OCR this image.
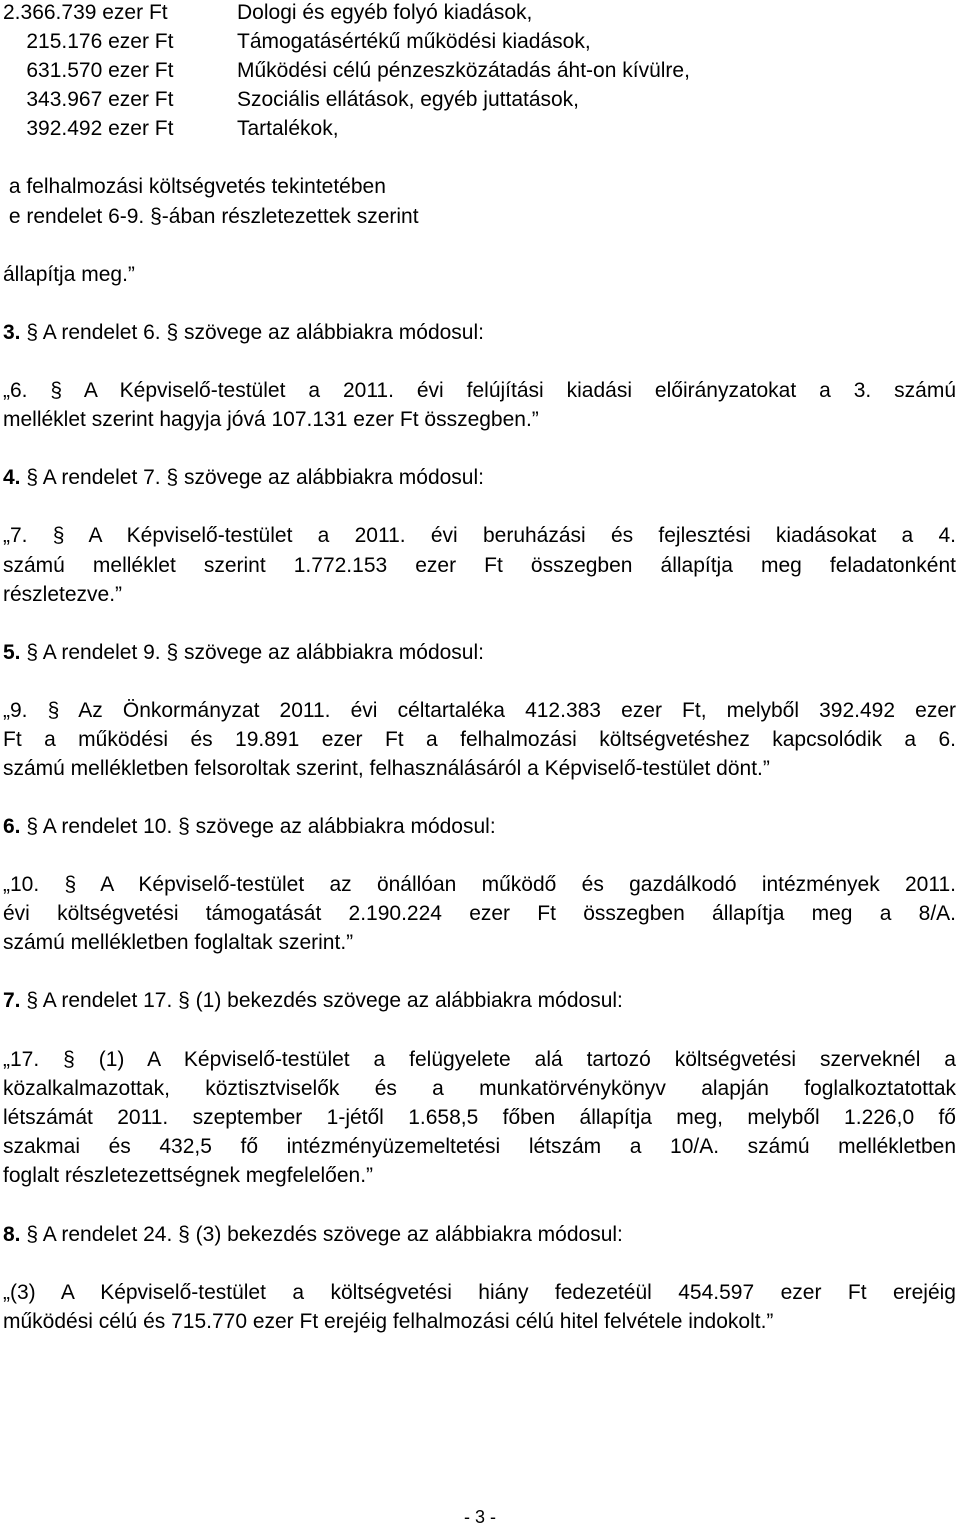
2.366.739 ezer Ft	Dologi és egyéb folyó kiadások,
215.176 ezer Ft	Támogatásértékű működési kiadások,
631.570 ezer Ft	Működési célú pénzeszközátadás áht-on kívülre,
343.967 ezer Ft	Szociális ellátások, egyéb juttatások,
392.492 ezer Ft	Tartalékok,
a felhalmozási költségvetés tekintetében
e rendelet 6-9. §-ában részletezettek szerint
állapítja meg.”
3. § A rendelet 6. § szövege az alábbiakra módosul:
„6. § A Képviselő-testület a 2011. évi felújítási kiadási előirányzatokat a 3. számú
melléklet szerint hagyja jóvá 107.131 ezer Ft összegben.”
4. § A rendelet 7. § szövege az alábbiakra módosul:
„7. § A Képviselő-testület a 2011. évi beruházási és fejlesztési kiadásokat a 4.
számú melléklet szerint 1.772.153 ezer Ft összegben állapítja meg feladatonként
részletezve.”
5. § A rendelet 9. § szövege az alábbiakra módosul:
„9. § Az Önkormányzat 2011. évi céltartaléka 412.383 ezer Ft, melyből 392.492 ezer
Ft a működési és 19.891 ezer Ft a felhalmozási költségvetéshez kapcsolódik a 6.
számú mellékletben felsoroltak szerint, felhasználásáról a Képviselő-testület dönt.”
6. § A rendelet 10. § szövege az alábbiakra módosul:
„10. § A Képviselő-testület az önállóan működő és gazdálkodó intézmények 2011.
évi költségvetési támogatását 2.190.224 ezer Ft összegben állapítja meg a 8/A.
számú mellékletben foglaltak szerint.”
7. § A rendelet 17. § (1) bekezdés szövege az alábbiakra módosul:
„17. § (1) A Képviselő-testület a felügyelete alá tartozó költségvetési szerveknél a
közalkalmazottak, köztisztviselők és a munkatörvénykönyv alapján foglalkoztatottak
létszámát 2011. szeptember 1-jétől 1.658,5 főben állapítja meg, melyből 1.226,0 fő
szakmai és 432,5 fő intézményüzemeltetési létszám a 10/A. számú mellékletben
foglalt részletezettségnek megfelelően.”
8. § A rendelet 24. § (3) bekezdés szövege az alábbiakra módosul:
„(3) A Képviselő-testület a költségvetési hiány fedezetéül 454.597 ezer Ft erejéig
működési célú és 715.770 ezer Ft erejéig felhalmozási célú hitel felvétele indokolt.”
- 3 -
